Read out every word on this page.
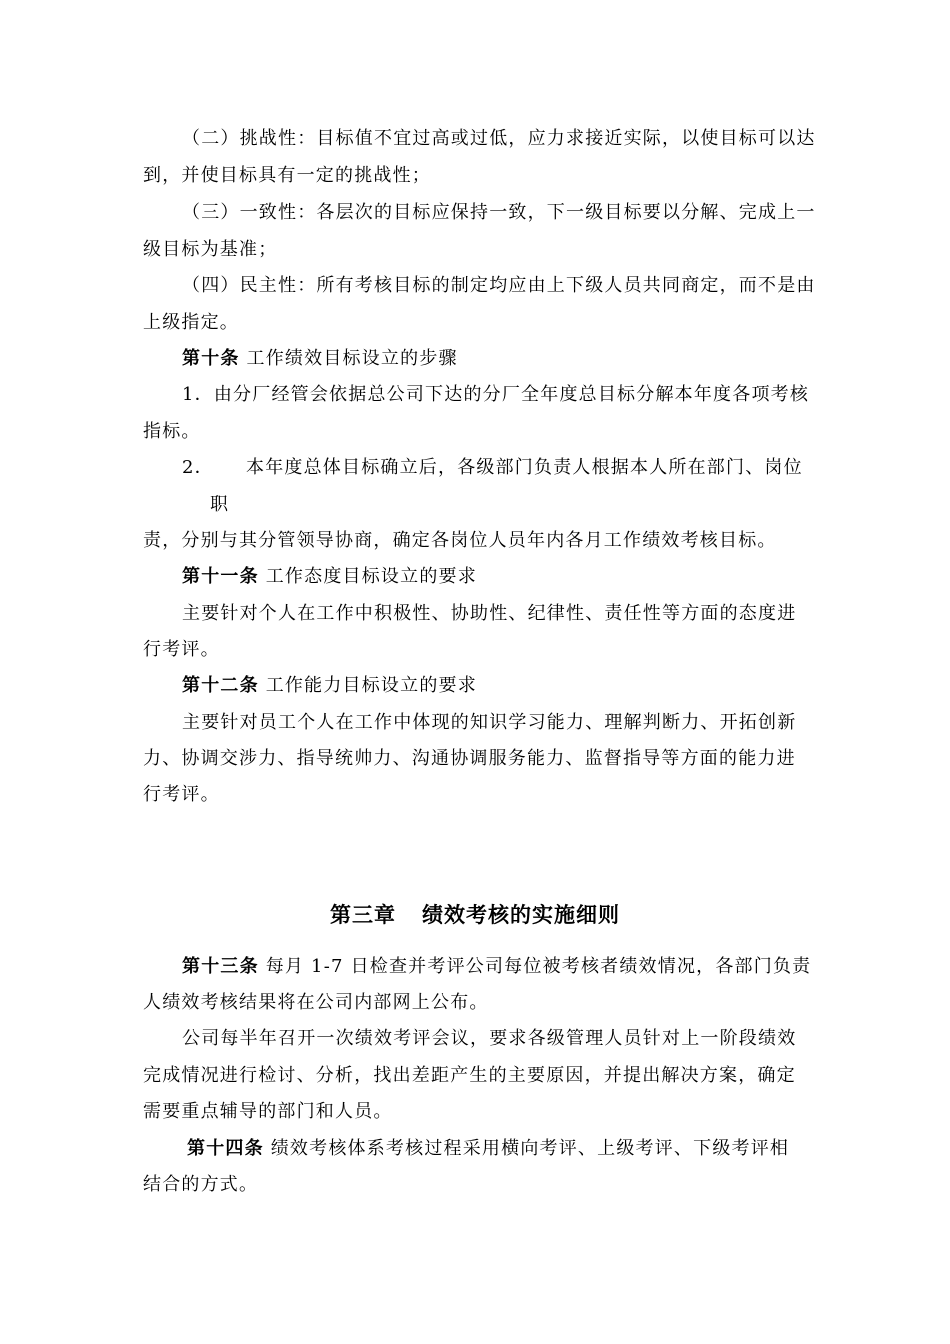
（二）挑战性：目标值不宜过高或过低，应力求接近实际，以使目标可以达
到，并使目标具有一定的挑战性；
（三）一致性：各层次的目标应保持一致，下一级目标要以分解、完成上一
级目标为基准；
（四）民主性：所有考核目标的制定均应由上下级人员共同商定，而不是由
上级指定。
第十条 工作绩效目标设立的步骤
1．由分厂经管会依据总公司下达的分厂全年度总目标分解本年度各项考核
指标。
2． 本年度总体目标确立后，各级部门负责人根据本人所在部门、岗位
职
责，分别与其分管领导协商，确定各岗位人员年内各月工作绩效考核目标。
第十一条 工作态度目标设立的要求
主要针对个人在工作中积极性、协助性、纪律性、责任性等方面的态度进
行考评。
第十二条 工作能力目标设立的要求
主要针对员工个人在工作中体现的知识学习能力、理解判断力、开拓创新
力、协调交涉力、指导统帅力、沟通协调服务能力、监督指导等方面的能力进
行考评。
第三章 绩效考核的实施细则
第十三条 每月 1-7 日检查并考评公司每位被考核者绩效情况，各部门负责
人绩效考核结果将在公司内部网上公布。
公司每半年召开一次绩效考评会议，要求各级管理人员针对上一阶段绩效
完成情况进行检讨、分析，找出差距产生的主要原因，并提出解决方案，确定
需要重点辅导的部门和人员。
第十四条 绩效考核体系考核过程采用横向考评、上级考评、下级考评相
结合的方式。
